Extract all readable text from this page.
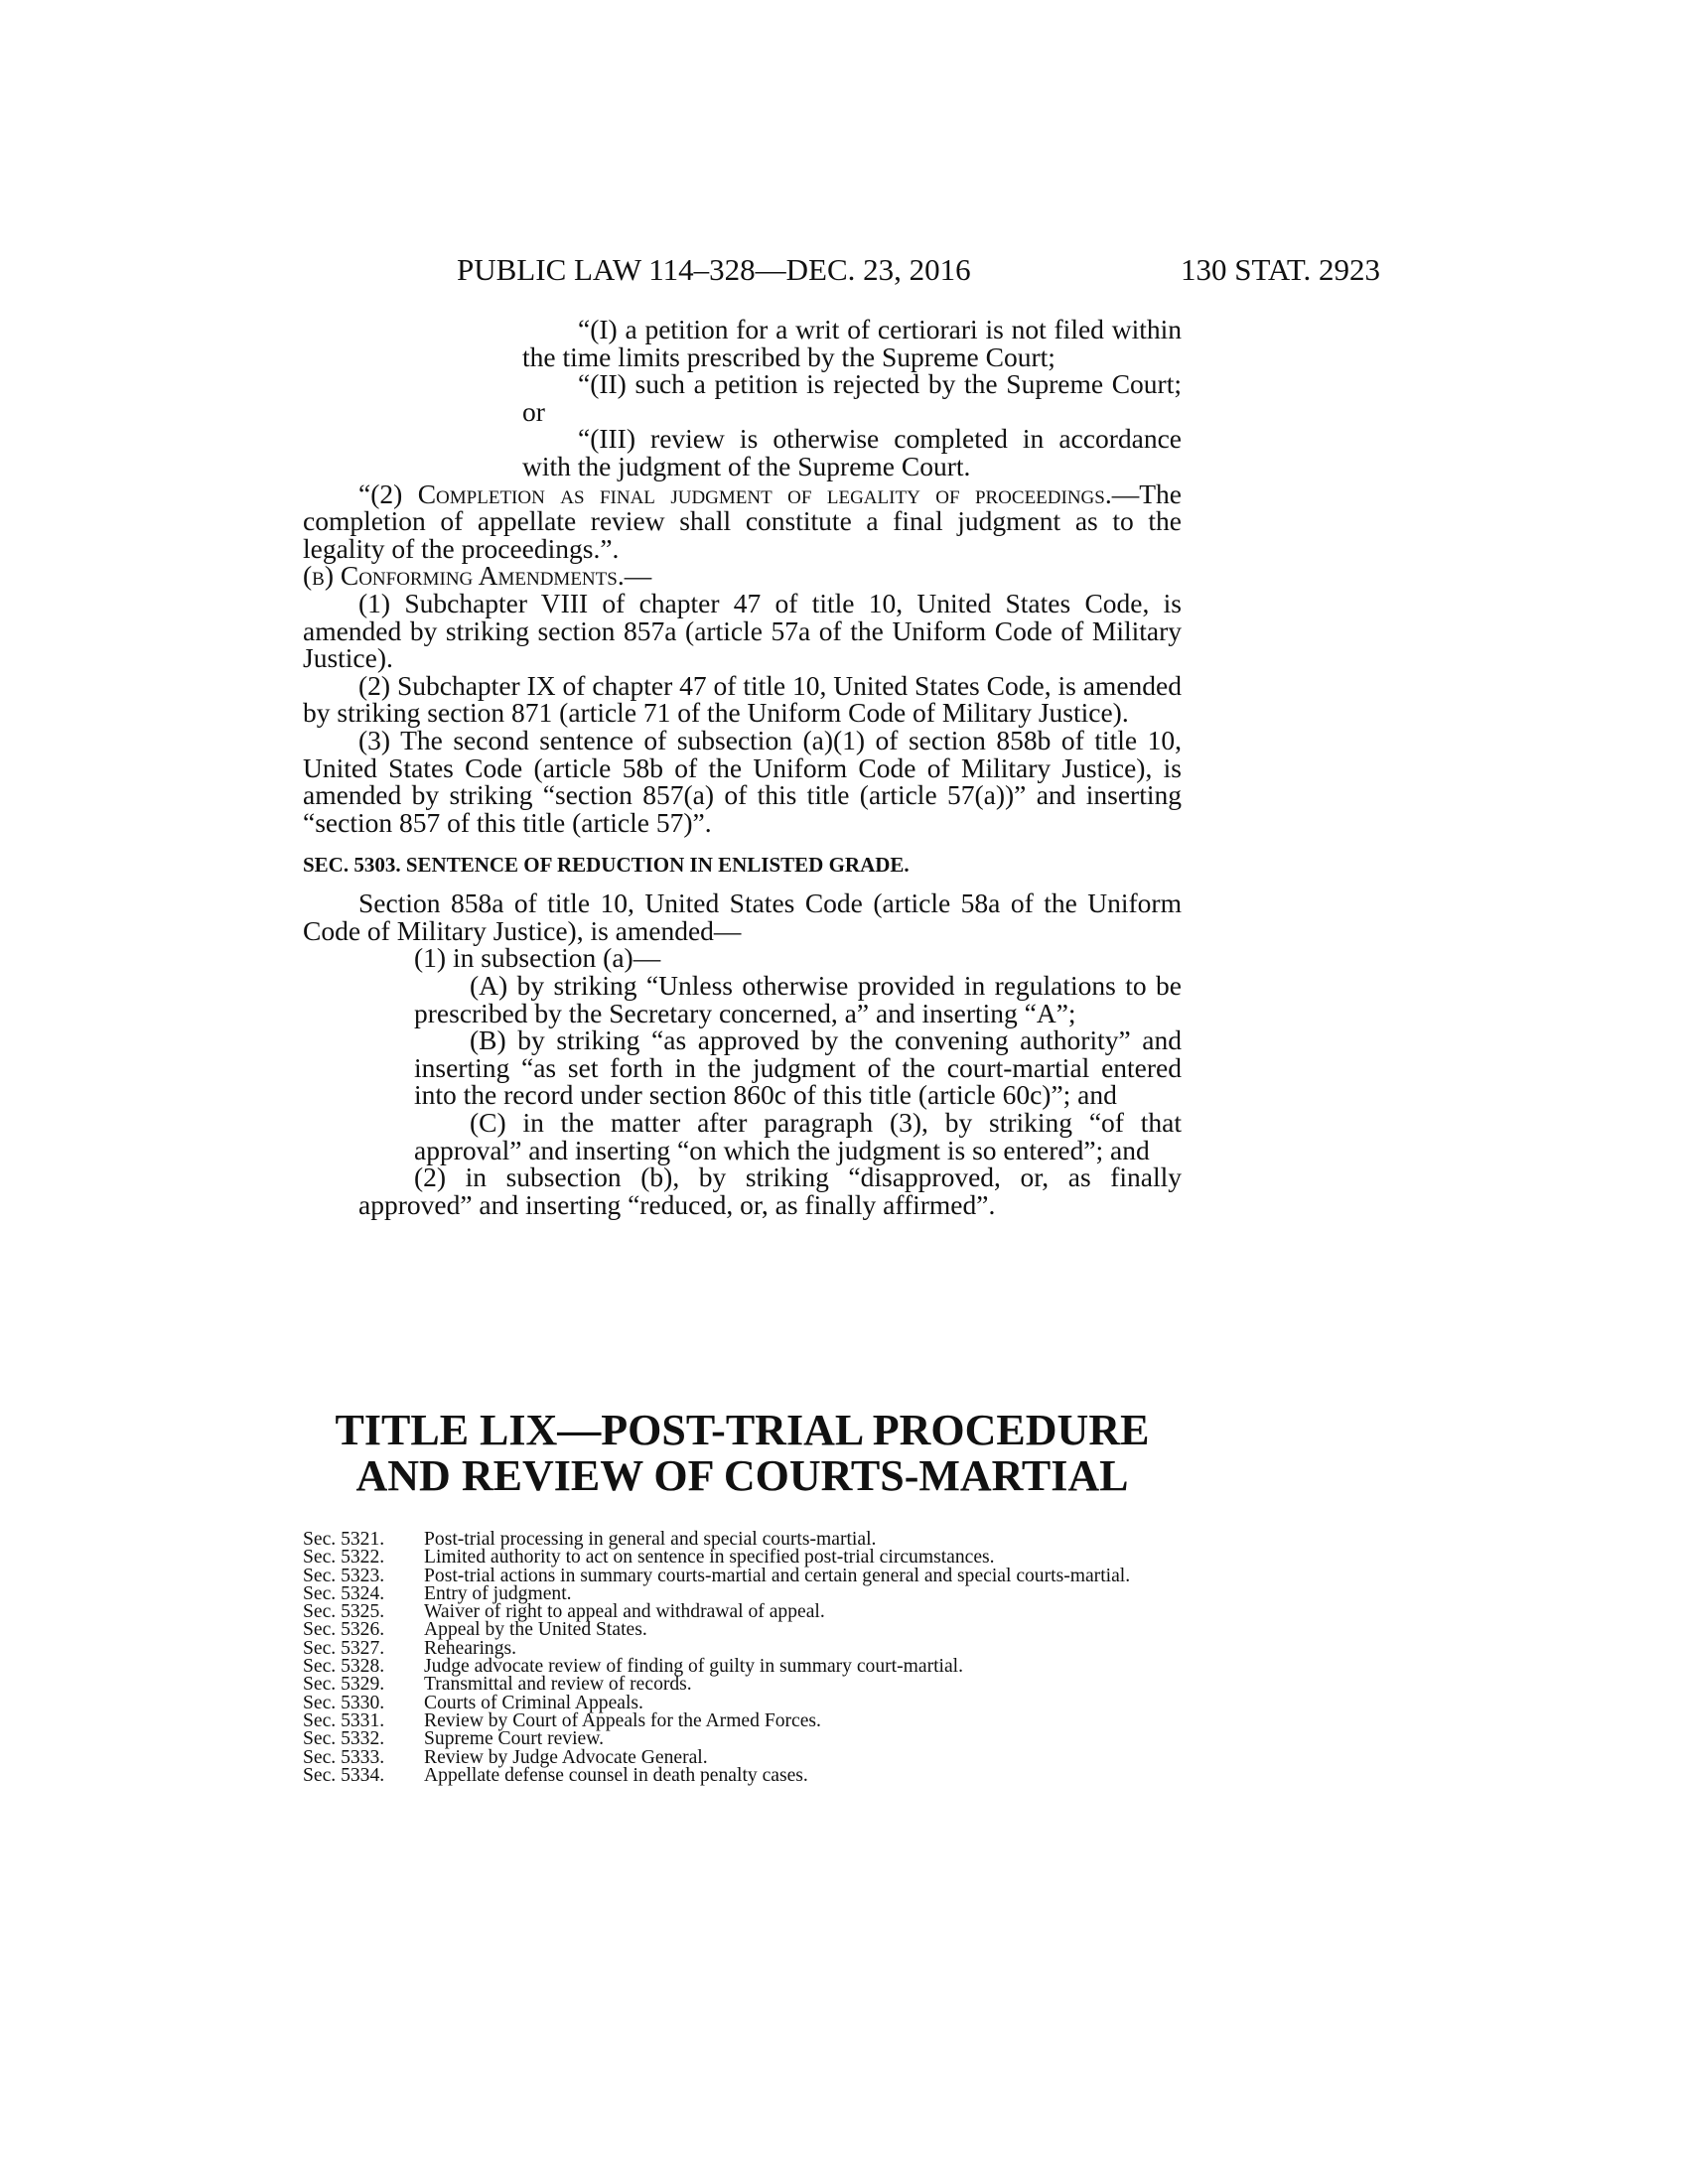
PUBLIC LAW 114–328—DEC. 23, 2016	130 STAT. 2923

“(I) a petition for a writ of certiorari is not filed within the time limits prescribed by the Supreme Court;

“(II) such a petition is rejected by the Supreme Court; or

“(III) review is otherwise completed in accordance with the judgment of the Supreme Court.

“(2) Completion as final judgment of legality of proceedings.—The completion of appellate review shall constitute a final judgment as to the legality of the proceedings.”.

(b) Conforming Amendments.—

(1) Subchapter VIII of chapter 47 of title 10, United States Code, is amended by striking section 857a (article 57a of the Uniform Code of Military Justice).

(2) Subchapter IX of chapter 47 of title 10, United States Code, is amended by striking section 871 (article 71 of the Uniform Code of Military Justice).

(3) The second sentence of subsection (a)(1) of section 858b of title 10, United States Code (article 58b of the Uniform Code of Military Justice), is amended by striking “section 857(a) of this title (article 57(a))” and inserting “section 857 of this title (article 57)”.

SEC. 5303. SENTENCE OF REDUCTION IN ENLISTED GRADE.

Section 858a of title 10, United States Code (article 58a of the Uniform Code of Military Justice), is amended—

(1) in subsection (a)—

(A) by striking “Unless otherwise provided in regulations to be prescribed by the Secretary concerned, a” and inserting “A”;

(B) by striking “as approved by the convening authority” and inserting “as set forth in the judgment of the court-martial entered into the record under section 860c of this title (article 60c)”; and

(C) in the matter after paragraph (3), by striking “of that approval” and inserting “on which the judgment is so entered”; and

(2) in subsection (b), by striking “disapproved, or, as finally approved” and inserting “reduced, or, as finally affirmed”.

TITLE LIX—POST-TRIAL PROCEDURE
AND REVIEW OF COURTS-MARTIAL
Sec. 5321.	Post-trial processing in general and special courts-martial.
Sec. 5322.	Limited authority to act on sentence in specified post-trial circumstances.
Sec. 5323.	Post-trial actions in summary courts-martial and certain general and special courts-martial.
Sec. 5324.	Entry of judgment.
Sec. 5325.	Waiver of right to appeal and withdrawal of appeal.
Sec. 5326.	Appeal by the United States.
Sec. 5327.	Rehearings.
Sec. 5328.	Judge advocate review of finding of guilty in summary court-martial.
Sec. 5329.	Transmittal and review of records.
Sec. 5330.	Courts of Criminal Appeals.
Sec. 5331.	Review by Court of Appeals for the Armed Forces.
Sec. 5332.	Supreme Court review.
Sec. 5333.	Review by Judge Advocate General.
Sec. 5334.	Appellate defense counsel in death penalty cases.
